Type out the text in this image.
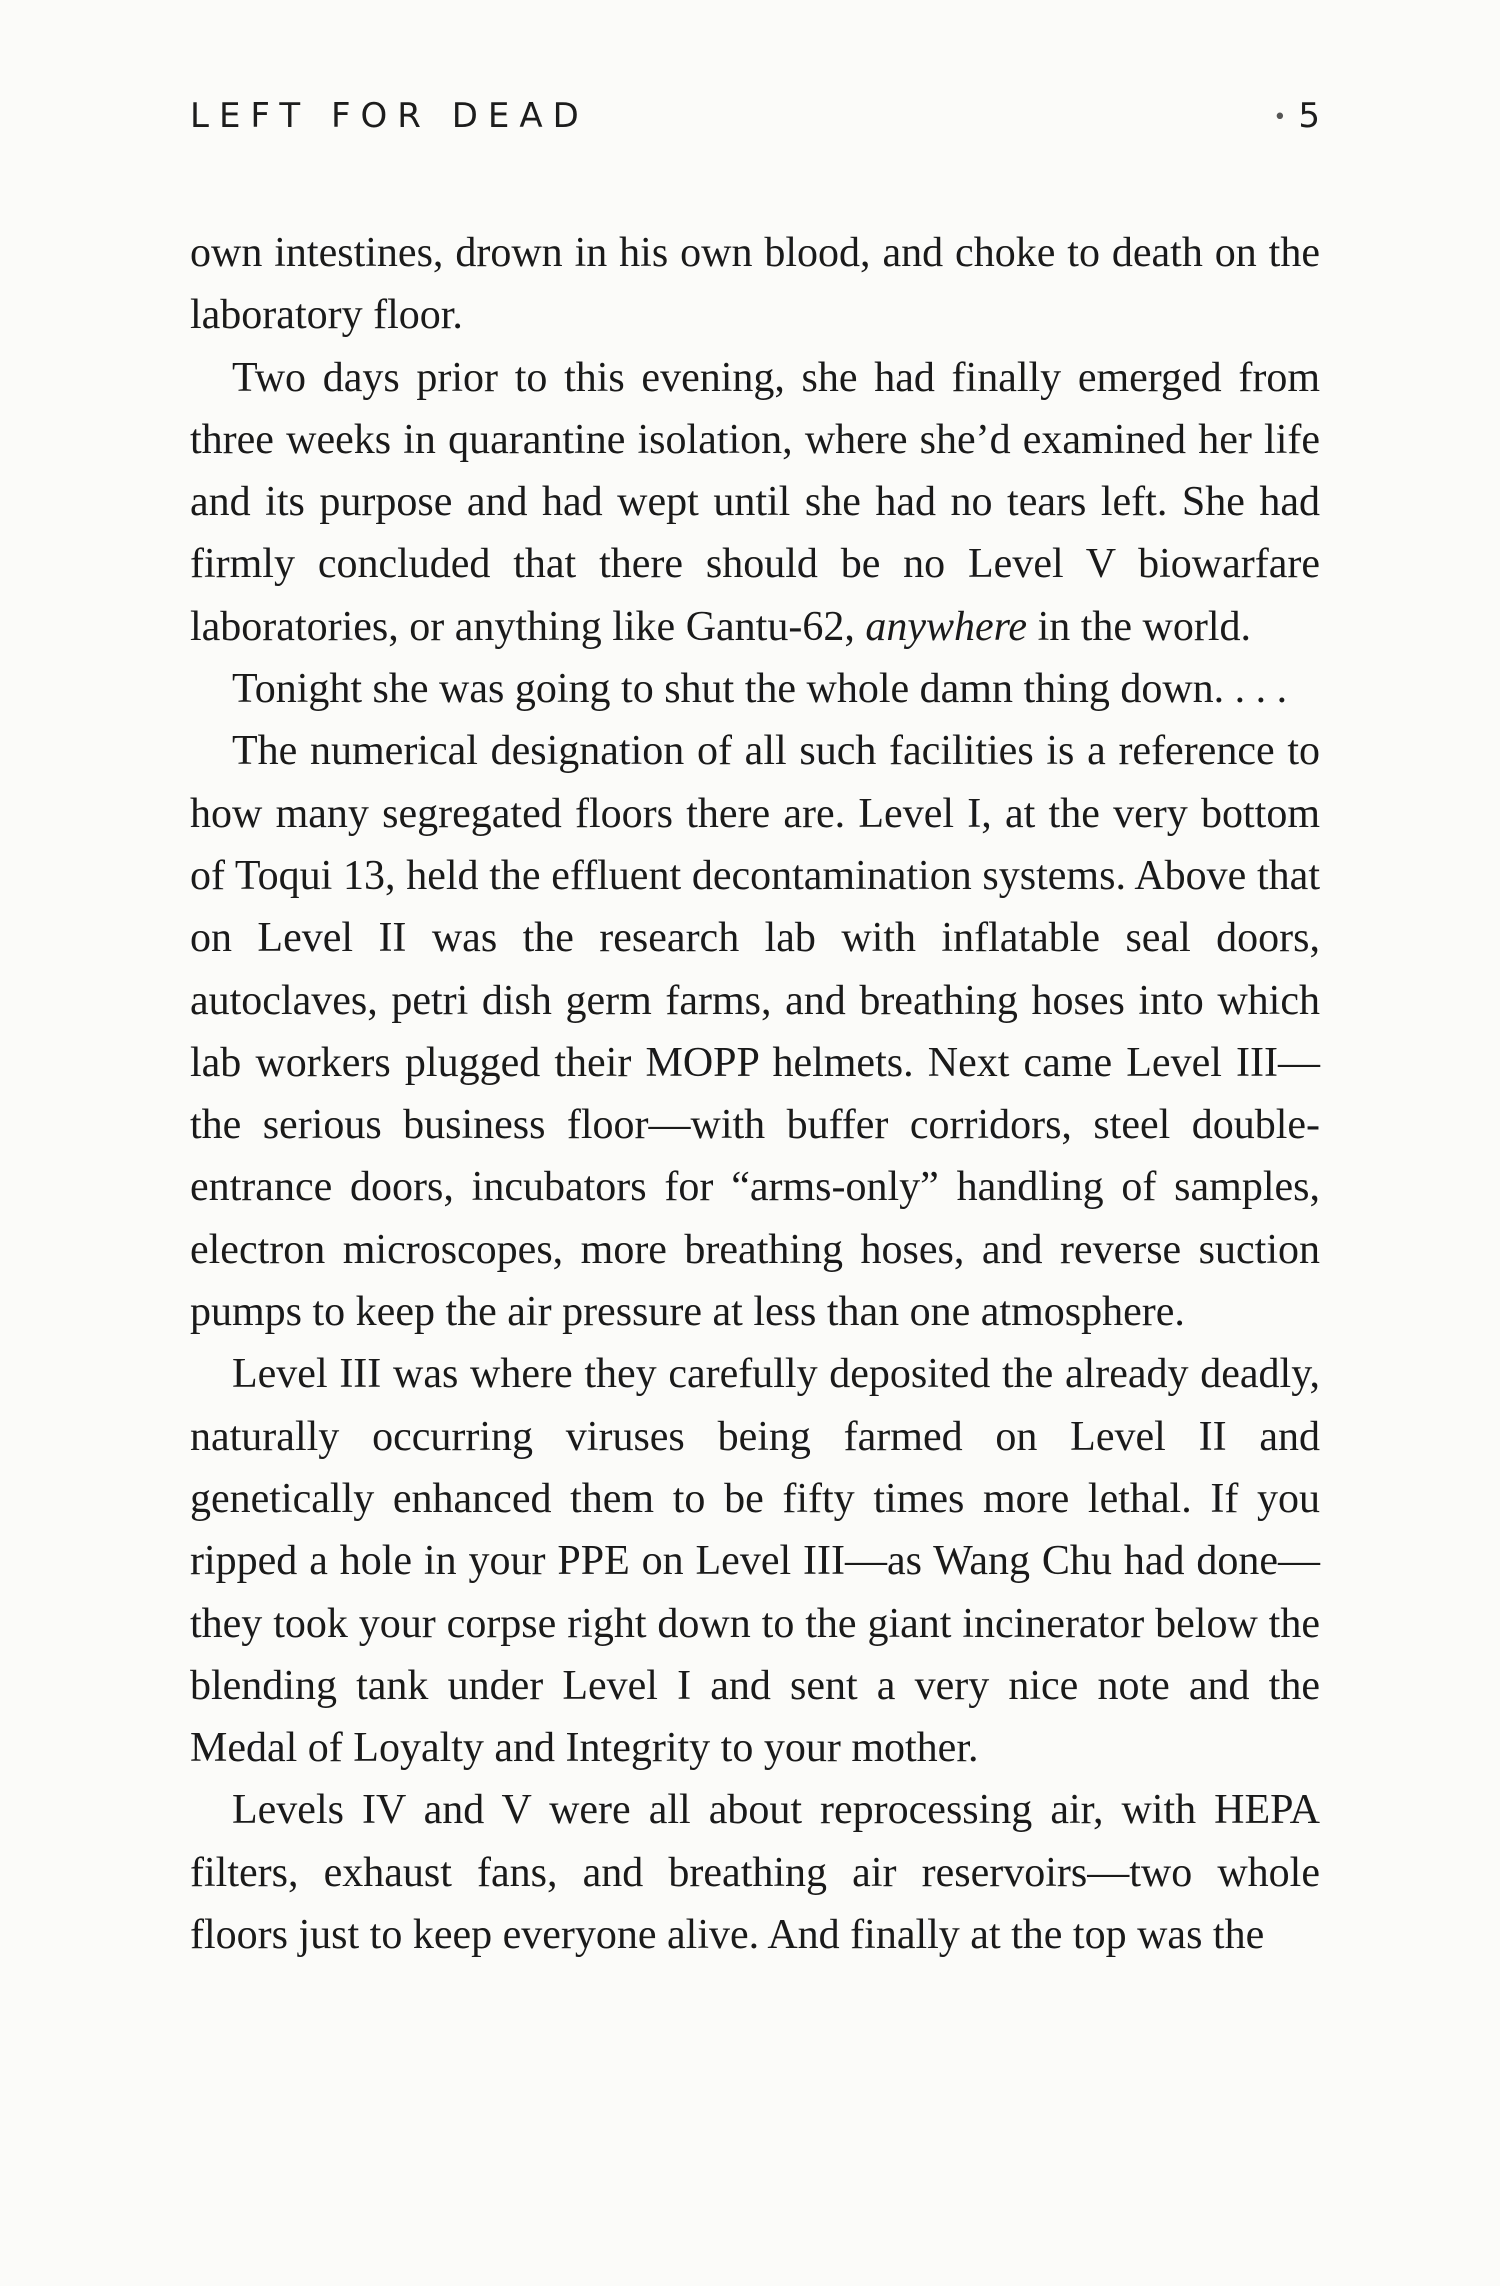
LEFT FOR DEAD	• 5

own intestines, drown in his own blood, and choke to death on the laboratory floor.

Two days prior to this evening, she had finally emerged from three weeks in quarantine isolation, where she’d examined her life and its purpose and had wept until she had no tears left. She had firmly concluded that there should be no Level V biowarfare laboratories, or anything like Gantu-62, anywhere in the world.

Tonight she was going to shut the whole damn thing down. . . .

The numerical designation of all such facilities is a reference to how many segregated floors there are. Level I, at the very bottom of Toqui 13, held the effluent decontamination systems. Above that on Level II was the research lab with inflatable seal doors, autoclaves, petri dish germ farms, and breathing hoses into which lab workers plugged their MOPP helmets. Next came Level III—the serious business floor—with buffer corridors, steel double-entrance doors, incubators for “arms-only” handling of samples, electron microscopes, more breathing hoses, and reverse suction pumps to keep the air pressure at less than one atmosphere.

Level III was where they carefully deposited the already deadly, naturally occurring viruses being farmed on Level II and genetically enhanced them to be fifty times more lethal. If you ripped a hole in your PPE on Level III—as Wang Chu had done—they took your corpse right down to the giant incinerator below the blending tank under Level I and sent a very nice note and the Medal of Loyalty and Integrity to your mother.

Levels IV and V were all about reprocessing air, with HEPA filters, exhaust fans, and breathing air reservoirs—two whole floors just to keep everyone alive. And finally at the top was the
